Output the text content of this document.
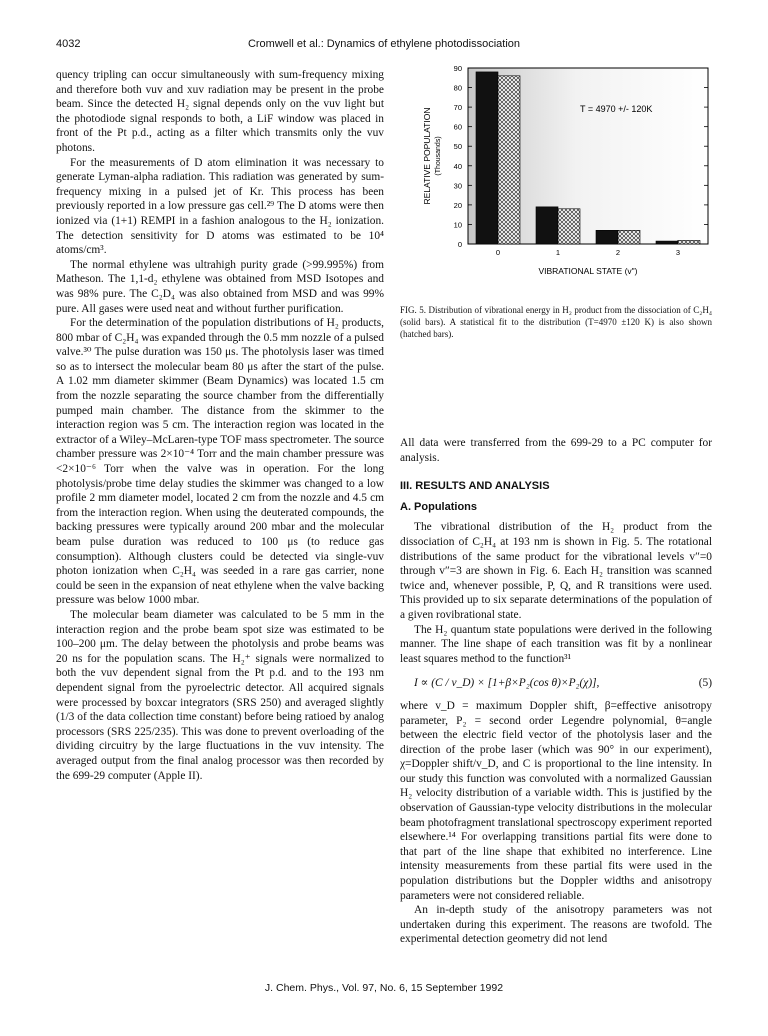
4032	Cromwell et al.: Dynamics of ethylene photodissociation

quency tripling can occur simultaneously with sum-frequency mixing and therefore both vuv and xuv radiation may be present in the probe beam. Since the detected H₂ signal depends only on the vuv light but the photodiode signal responds to both, a LiF window was placed in front of the Pt p.d., acting as a filter which transmits only the vuv photons.

For the measurements of D atom elimination it was necessary to generate Lyman-alpha radiation. This radiation was generated by sum-frequency mixing in a pulsed jet of Kr. This process has been previously reported in a low pressure gas cell.²⁹ The D atoms were then ionized via (1+1) REMPI in a fashion analogous to the H₂ ionization. The detection sensitivity for D atoms was estimated to be 10⁴ atoms/cm³.

The normal ethylene was ultrahigh purity grade (>99.995%) from Matheson. The 1,1-d₂ ethylene was obtained from MSD Isotopes and was 98% pure. The C₂D₄ was also obtained from MSD and was 99% pure. All gases were used neat and without further purification.

For the determination of the population distributions of H₂ products, 800 mbar of C₂H₄ was expanded through the 0.5 mm nozzle of a pulsed valve.³⁰ The pulse duration was 150 μs. The photolysis laser was timed so as to intersect the molecular beam 80 μs after the start of the pulse. A 1.02 mm diameter skimmer (Beam Dynamics) was located 1.5 cm from the nozzle separating the source chamber from the differentially pumped main chamber. The distance from the skimmer to the interaction region was 5 cm. The interaction region was located in the extractor of a Wiley–McLaren-type TOF mass spectrometer. The source chamber pressure was 2×10⁻⁴ Torr and the main chamber pressure was <2×10⁻⁶ Torr when the valve was in operation. For the long photolysis/probe time delay studies the skimmer was changed to a low profile 2 mm diameter model, located 2 cm from the nozzle and 4.5 cm from the interaction region. When using the deuterated compounds, the backing pressures were typically around 200 mbar and the molecular beam pulse duration was reduced to 100 μs (to reduce gas consumption). Although clusters could be detected via single-vuv photon ionization when C₂H₄ was seeded in a rare gas carrier, none could be seen in the expansion of neat ethylene when the valve backing pressure was below 1000 mbar.

The molecular beam diameter was calculated to be 5 mm in the interaction region and the probe beam spot size was estimated to be 100–200 μm. The delay between the photolysis and probe beams was 20 ns for the population scans. The H₂⁺ signals were normalized to both the vuv dependent signal from the Pt p.d. and to the 193 nm dependent signal from the pyroelectric detector. All acquired signals were processed by boxcar integrators (SRS 250) and averaged slightly (1/3 of the data collection time constant) before being ratioed by analog processors (SRS 225/235). This was done to prevent overloading of the dividing circuitry by the large fluctuations in the vuv intensity. The averaged output from the final analog processor was then recorded by the 699-29 computer (Apple II).

0
10
20
30
40
50
60
70
80
90
0	1	2	3
T = 4970 +/- 120K
VIBRATIONAL STATE (v")
RELATIVE POPULATION (Thousands)
FIG. 5. Distribution of vibrational energy in H₂ product from the dissociation of C₂H₄ (solid bars). A statistical fit to the distribution (T=4970 ±120 K) is also shown (hatched bars).

All data were transferred from the 699-29 to a PC computer for analysis.

III. RESULTS AND ANALYSIS
A. Populations

The vibrational distribution of the H₂ product from the dissociation of C₂H₄ at 193 nm is shown in Fig. 5. The rotational distributions of the same product for the vibrational levels v″=0 through v″=3 are shown in Fig. 6. Each H₂ transition was scanned twice and, whenever possible, P, Q, and R transitions were used. This provided up to six separate determinations of the population of a given rovibrational state.

The H₂ quantum state populations were derived in the following manner. The line shape of each transition was fit by a nonlinear least squares method to the function³¹

I ∝ (C / v_D) × [1+β×P₂(cos θ)×P₂(χ)],	(5)

where v_D = maximum Doppler shift, β=effective anisotropy parameter, P₂ = second order Legendre polynomial, θ=angle between the electric field vector of the photolysis laser and the direction of the probe laser (which was 90° in our experiment), χ=Doppler shift/v_D, and C is proportional to the line intensity. In our study this function was convoluted with a normalized Gaussian H₂ velocity distribution of a variable width. This is justified by the observation of Gaussian-type velocity distributions in the molecular beam photofragment translational spectroscopy experiment reported elsewhere.¹⁴ For overlapping transitions partial fits were done to that part of the line shape that exhibited no interference. Line intensity measurements from these partial fits were used in the population distributions but the Doppler widths and anisotropy parameters were not considered reliable.

An in-depth study of the anisotropy parameters was not undertaken during this experiment. The reasons are twofold. The experimental detection geometry did not lend

J. Chem. Phys., Vol. 97, No. 6, 15 September 1992
